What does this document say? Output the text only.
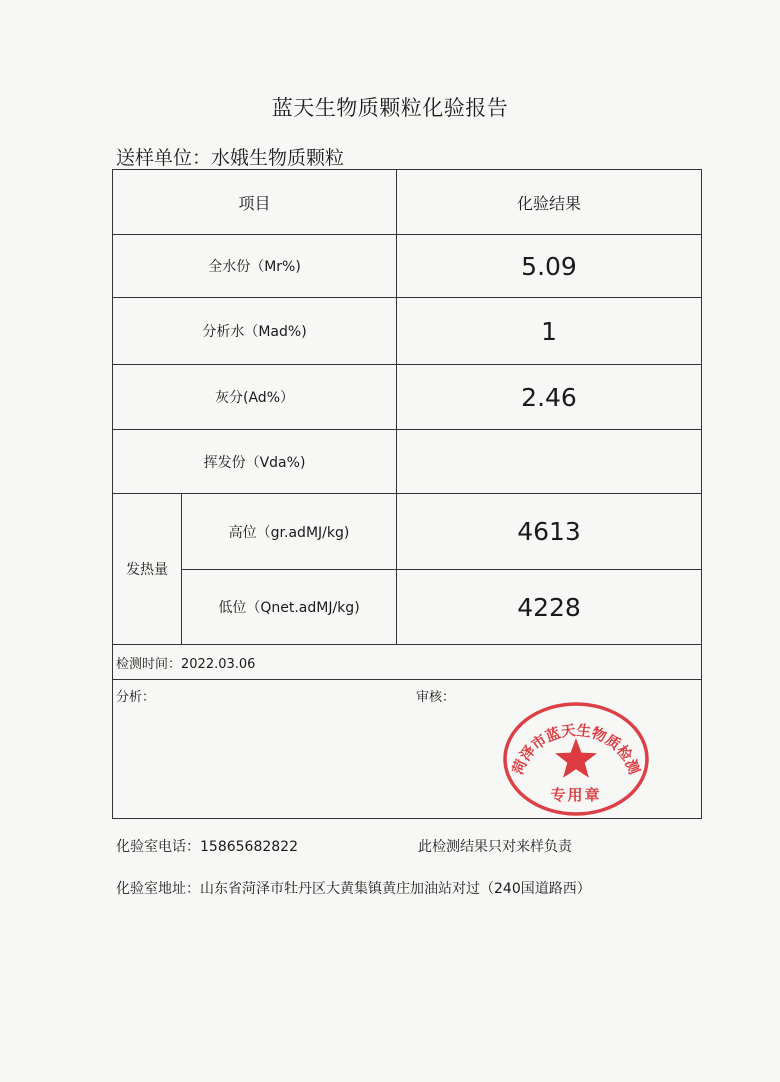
蓝天生物质颗粒化验报告
送样单位：水娥生物质颗粒
项目		化验结果
全水份（Mr%)		5.09
分析水（Mad%)		1
灰分(Ad%）		2.46
挥发份（Vda%)		
发热量	高位（gr.adMJ/kg)	4613
	低位（Qnet.adMJ/kg)	4228
检测时间：2022.03.06		

分析： 审核：		
菏泽市蓝天生物质检测
专用章
化验室电话：15865682822	此检测结果只对来样负责
化验室地址：山东省菏泽市牡丹区大黄集镇黄庄加油站对过（240国道路西）
